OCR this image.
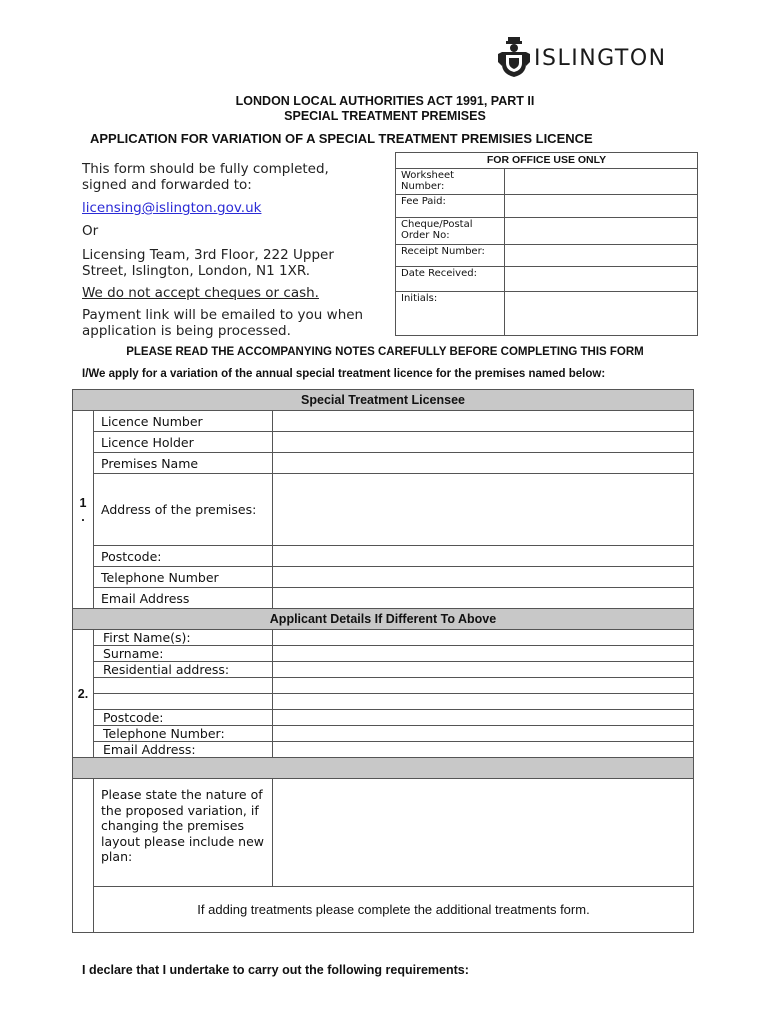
ISLINGTON
LONDON LOCAL AUTHORITIES ACT 1991, PART II
SPECIAL TREATMENT PREMISES
APPLICATION FOR VARIATION OF A SPECIAL TREATMENT PREMISIES LICENCE
This form should be fully completed, signed and forwarded to:
licensing@islington.gov.uk
Or
Licensing Team, 3rd Floor, 222 Upper Street, Islington, London, N1 1XR.
We do not accept cheques or cash.
Payment link will be emailed to you when application is being processed.
FOR OFFICE USE ONLY	
Worksheet Number:	
Fee Paid:	
Cheque/Postal Order No:	
Receipt Number:	
Date Received:	
Initials:	
PLEASE READ THE ACCOMPANYING NOTES CAREFULLY BEFORE COMPLETING THIS FORM
I/We apply for a variation of the annual special treatment licence for the premises named below:
Special Treatment Licensee		
1
.	Licence Number	
	Licence Holder	
	Premises Name	
	Address of the premises:	
	Postcode:	
	Telephone Number	
	Email Address	
Applicant Details If Different To Above		
2.	First Name(s):	
	Surname:	
	Residential address:	

	Postcode:	
	Telephone Number:	
	Email Address:	

	Please state the nature of the proposed variation, if changing the premises layout please include new plan:	
	If adding treatments please complete the additional treatments form.	
I declare that I undertake to carry out the following requirements:
